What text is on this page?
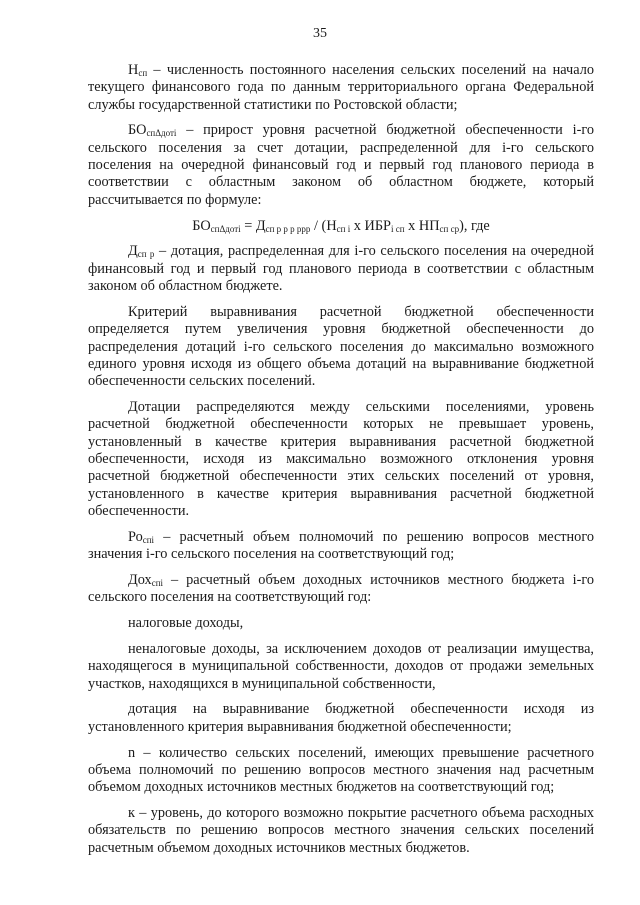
35

$Н_{сп}$ – численность постоянного населения сельских поселений на начало текущего финансового года по данным территориального органа Федеральной службы государственной статистики по Ростовской области;

$БО_{сп\Delta дотi}$ – прирост уровня расчетной бюджетной обеспеченности i-го сельского поселения за счет дотации, распределенной для i-го сельского поселения на очередной финансовый год и первый год планового периода в соответствии с областным законом об областном бюджете, который рассчитывается по формуле:

$БО_{сп\Delta дотi} = Д_{сп р р р ррр} / (Н_{сп i}$ х $ИБР_{i сп}$ х $НП_{сп ср}$), где

$Д_{сп р}$ – дотация, распределенная для i-го сельского поселения на очередной финансовый год и первый год планового периода в соответствии с областным законом об областном бюджете.

Критерий выравнивания расчетной бюджетной обеспеченности определяется путем увеличения уровня бюджетной обеспеченности до распределения дотаций i-го сельского поселения до максимально возможного единого уровня исходя из общего объема дотаций на выравнивание бюджетной обеспеченности сельских поселений.

Дотации распределяются между сельскими поселениями, уровень расчетной бюджетной обеспеченности которых не превышает уровень, установленный в качестве критерия выравнивания расчетной бюджетной обеспеченности, исходя из максимально возможного отклонения уровня расчетной бюджетной обеспеченности этих сельских поселений от уровня, установленного в качестве критерия выравнивания расчетной бюджетной обеспеченности.

$Ро_{спi}$ – расчетный объем полномочий по решению вопросов местного значения i-го сельского поселения на соответствующий год;

Дох$_{спi}$ – расчетный объем доходных источников местного бюджета i-го сельского поселения на соответствующий год:

налоговые доходы,

неналоговые доходы, за исключением доходов от реализации имущества, находящегося в муниципальной собственности, доходов от продажи земельных участков, находящихся в муниципальной собственности,

дотация на выравнивание бюджетной обеспеченности исходя из установленного критерия выравнивания бюджетной обеспеченности;

n – количество сельских поселений, имеющих превышение расчетного объема полномочий по решению вопросов местного значения над расчетным объемом доходных источников местных бюджетов на соответствующий год;

к – уровень, до которого возможно покрытие расчетного объема расходных обязательств по решению вопросов местного значения сельских поселений расчетным объемом доходных источников местных бюджетов.
